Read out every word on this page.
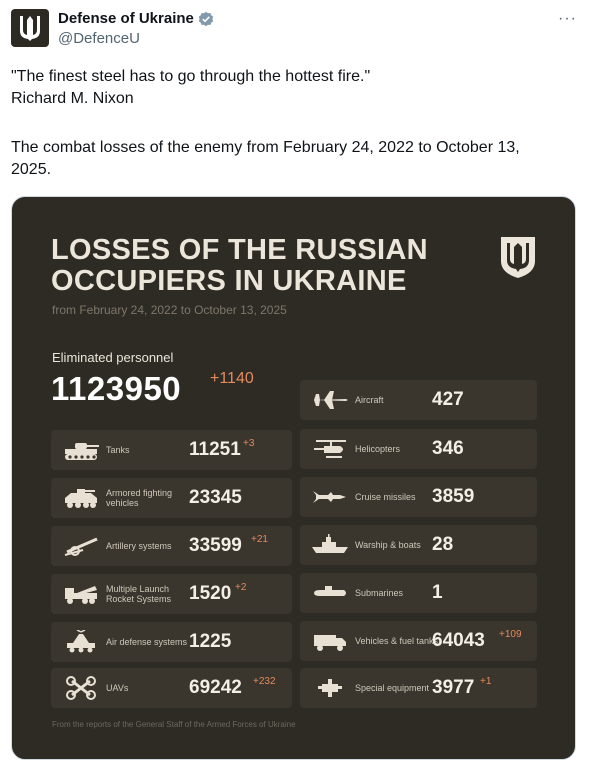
Defense of Ukraine
@DefenceU
···
"The finest steel has to go through the hottest fire."
Richard M. Nixon
The combat losses of the enemy from February 24, 2022 to October 13,
2025.
LOSSES OF THE RUSSIAN
OCCUPIERS IN UKRAINE
from February 24, 2022 to October 13, 2025
Eliminated personnel
1123950 +1140
Tanks	11251 +3
Armored fighting vehicles	23345
Artillery systems 33599 +21
Multiple Launch Rocket Systems 1520 +2
Air defense systems 1225
UAVs	69242 +232
Aircraft	427
Helicopters	346
Cruise missiles 3859
Warship & boats 28
Submarines	1
Vehicles & fuel tanks
64043 +109
Special equipment 3977 +1
From the reports of the General Staff of the Armed Forces of Ukraine
